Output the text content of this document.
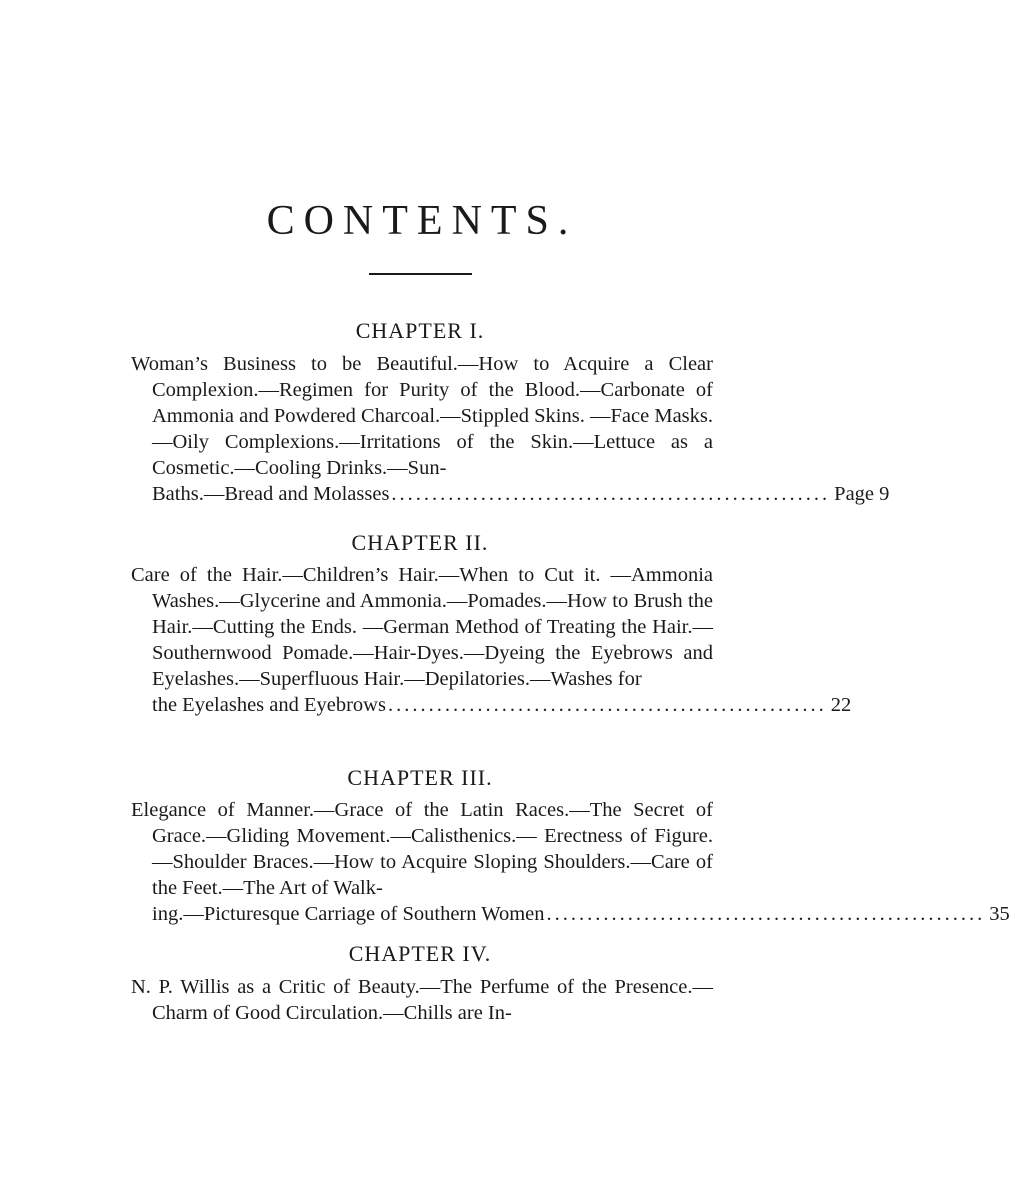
CONTENTS.
CHAPTER I.
Woman’s Business to be Beautiful.—How to Acquire a Clear Complexion.—Regimen for Purity of the Blood.—Carbonate of Ammonia and Powdered Charcoal.—Stippled Skins. —Face Masks.—Oily Complexions.—Irritations of the Skin.—Lettuce as a Cosmetic.—Cooling Drinks.—Sun-
Baths.—Bread and Molasses ...................................................... Page 9
CHAPTER II.
Care of the Hair.—Children’s Hair.—When to Cut it. —Ammonia Washes.—Glycerine and Ammonia.—Pomades.—How to Brush the Hair.—Cutting the Ends. —German Method of Treating the Hair.—Southernwood Pomade.—Hair-Dyes.—Dyeing the Eyebrows and Eyelashes.—Superfluous Hair.—Depilatories.—Washes for
the Eyelashes and Eyebrows ...................................................... 22
CHAPTER III.
Elegance of Manner.—Grace of the Latin Races.—The Secret of Grace.—Gliding Movement.—Calisthenics.— Erectness of Figure.—Shoulder Braces.—How to Acquire Sloping Shoulders.—Care of the Feet.—The Art of Walk-
ing.—Picturesque Carriage of Southern Women ...................................................... 35
CHAPTER IV.
N. P. Willis as a Critic of Beauty.—The Perfume of the Presence.—Charm of Good Circulation.—Chills are In-
